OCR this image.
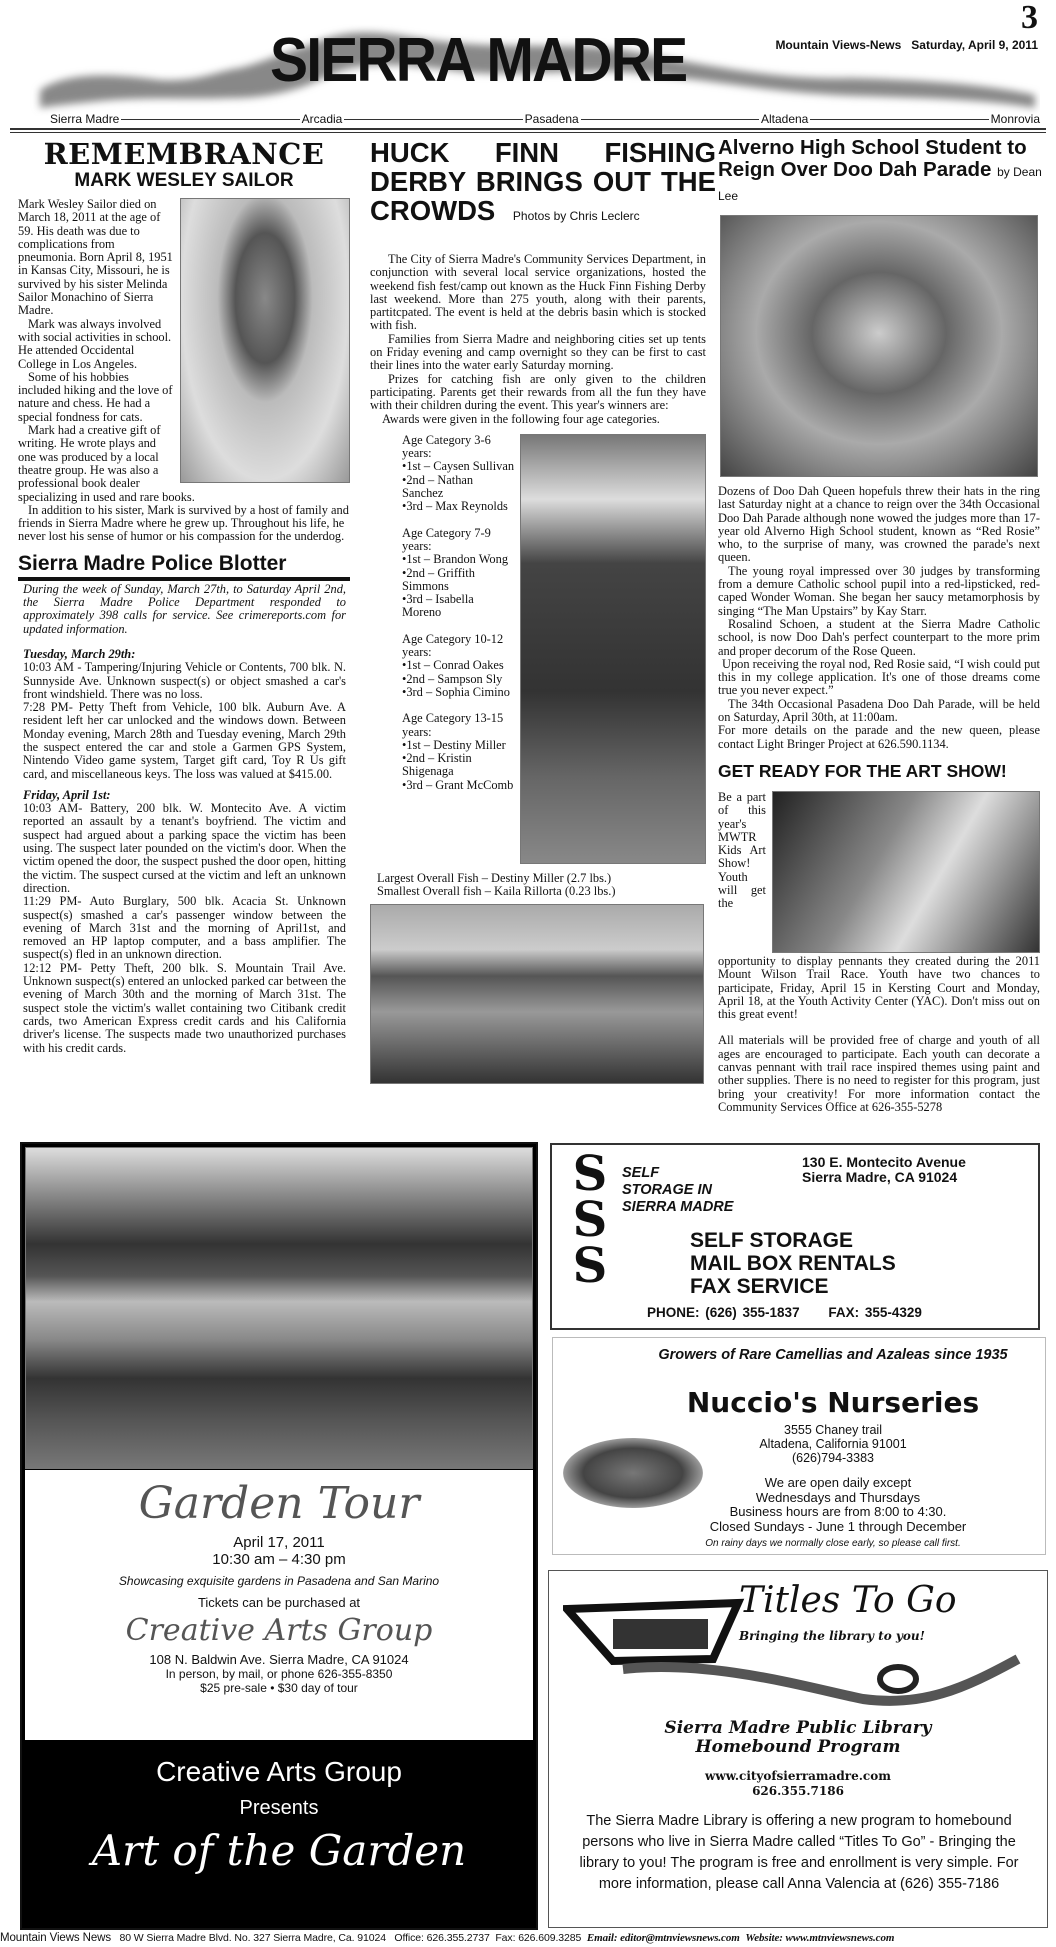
SIERRA MADRE
3
Mountain Views-News Saturday, April 9, 2011
Sierra Madre	Arcadia	Pasadena	Altadena	Monrovia
REMEMBRANCE
MARK WESLEY SAILOR

Mark Wesley Sailor died on March 18, 2011 at the age of 59. His death was due to complications from pneumonia. Born April 8, 1951 in Kansas City, Missouri, he is survived by his sister Melinda Sailor Monachino of Sierra Madre.

Mark was always involved with social activities in school. He attended Occidental College in Los Angeles.

Some of his hobbies included hiking and the love of nature and chess. He had a special fondness for cats.

Mark had a creative gift of writing. He wrote plays and one was produced by a local theatre group. He was also a professional book dealer specializing in used and rare books.

In addition to his sister, Mark is survived by a host of family and friends in Sierra Madre where he grew up. Throughout his life, he never lost his sense of humor or his compassion for the underdog.

Sierra Madre Police Blotter

During the week of Sunday, March 27th, to Saturday April 2nd, the Sierra Madre Police Department responded to approximately 398 calls for service. See crimereports.com for updated information.

Tuesday, March 29th:

10:03 AM - Tampering/Injuring Vehicle or Contents, 700 blk. N. Sunnyside Ave. Unknown suspect(s) or object smashed a car's front windshield. There was no loss.

7:28 PM- Petty Theft from Vehicle, 100 blk. Auburn Ave. A resident left her car unlocked and the windows down. Between Monday evening, March 28th and Tuesday evening, March 29th the suspect entered the car and stole a Garmen GPS System, Nintendo Video game system, Target gift card, Toy R Us gift card, and miscellaneous keys. The loss was valued at $415.00.

Friday, April 1st:

10:03 AM- Battery, 200 blk. W. Montecito Ave. A victim reported an assault by a tenant's boyfriend. The victim and suspect had argued about a parking space the victim has been using. The suspect later pounded on the victim's door. When the victim opened the door, the suspect pushed the door open, hitting the victim. The suspect cursed at the victim and left an unknown direction.

11:29 PM- Auto Burglary, 500 blk. Acacia St. Unknown suspect(s) smashed a car's passenger window between the evening of March 31st and the morning of April1st, and removed an HP laptop computer, and a bass amplifier. The suspect(s) fled in an unknown direction.

12:12 PM- Petty Theft, 200 blk. S. Mountain Trail Ave. Unknown suspect(s) entered an unlocked parked car between the evening of March 30th and the morning of March 31st. The suspect stole the victim's wallet containing two Citibank credit cards, two American Express credit cards and his California driver's license. The suspects made two unauthorized purchases with his credit cards.

HUCK FINN FISHING DERBY BRINGS OUT THE CROWDS Photos by Chris Leclerc

The City of Sierra Madre's Community Services Department, in conjunction with several local service organizations, hosted the weekend fish fest/camp out known as the Huck Finn Fishing Derby last weekend. More than 275 youth, along with their parents, partitcpated. The event is held at the debris basin which is stocked with fish.

Families from Sierra Madre and neighboring cities set up tents on Friday evening and camp overnight so they can be first to cast their lines into the water early Saturday morning.

Prizes for catching fish are only given to the children participating. Parents get their rewards from all the fun they have with their children during the event. This year's winners are:

Awards were given in the following four age categories.

Age Category 3-6 years:
•1st – Caysen Sullivan
•2nd – Nathan Sanchez
•3rd – Max Reynolds
Age Category 7-9 years:
•1st – Brandon Wong
•2nd – Griffith Simmons
•3rd – Isabella Moreno
Age Category 10-12 years:
•1st – Conrad Oakes
•2nd – Sampson Sly
•3rd – Sophia Cimino
Age Category 13-15 years:
•1st – Destiny Miller
•2nd – Kristin Shigenaga
•3rd – Grant McComb
Largest Overall Fish – Destiny Miller (2.7 lbs.)
Smallest Overall fish – Kaila Rillorta (0.23 lbs.)
Alverno High School Student to Reign Over Doo Dah Parade by Dean Lee

Dozens of Doo Dah Queen hopefuls threw their hats in the ring last Saturday night at a chance to reign over the 34th Occasional Doo Dah Parade although none wowed the judges more than 17-year old Alverno High School student, known as “Red Rosie” who, to the surprise of many, was crowned the parade's next queen.

The young royal impressed over 30 judges by transforming from a demure Catholic school pupil into a red-lipsticked, red-caped Wonder Woman. She began her saucy metamorphosis by singing “The Man Upstairs” by Kay Starr.

Rosalind Schoen, a student at the Sierra Madre Catholic school, is now Doo Dah's perfect counterpart to the more prim and proper decorum of the Rose Queen.

Upon receiving the royal nod, Red Rosie said, “I wish could put this in my college application. It's one of those dreams come true you never expect.”

The 34th Occasional Pasadena Doo Dah Parade, will be held on Saturday, April 30th, at 11:00am.

For more details on the parade and the new queen, please contact Light Bringer Project at 626.590.1134.

GET READY FOR THE ART SHOW!

Be a part of this year's MWTR Kids Art Show! Youth will get the opportunity to display pennants they created during the 2011 Mount Wilson Trail Race. Youth have two chances to participate, Friday, April 15 in Kersting Court and Monday, April 18, at the Youth Activity Center (YAC). Don't miss out on this great event!

All materials will be provided free of charge and youth of all ages are encouraged to participate. Each youth can decorate a canvas pennant with trail race inspired themes using paint and other supplies. There is no need to register for this program, just bring your creativity! For more information contact the Community Services Office at 626-355-5278

Garden Tour
April 17, 2011
10:30 am – 4:30 pm
Showcasing exquisite gardens in Pasadena and San Marino
Tickets can be purchased at
Creative Arts Group
108 N. Baldwin Ave. Sierra Madre, CA 91024
In person, by mail, or phone 626-355-8350
$25 pre-sale • $30 day of tour
Creative Arts Group
Presents
Art of the Garden
SSS
SELF
STORAGE IN
SIERRA MADRE
130 E. Montecito Avenue
Sierra Madre, CA 91024
SELF STORAGE
MAIL BOX RENTALS
FAX SERVICE
PHONE: (626) 355-1837 FAX: 355-4329
Growers of Rare Camellias and Azaleas since 1935
Nuccio's Nurseries
3555 Chaney trail
Altadena, California 91001
(626)794-3383
We are open daily except
Wednesdays and Thursdays
Business hours are from 8:00 to 4:30.
Closed Sundays - June 1 through December
On rainy days we normally close early, so please call first.
Titles To Go
Bringing the library to you!
Sierra Madre Public Library
Homebound Program
www.cityofsierramadre.com
626.355.7186
The Sierra Madre Library is offering a new program to homebound persons who live in Sierra Madre called “Titles To Go” - Bringing the library to you! The program is free and enrollment is very simple. For more information, please call Anna Valencia at (626) 355-7186
Mountain Views News 80 W Sierra Madre Blvd. No. 327 Sierra Madre, Ca. 91024 Office: 626.355.2737 Fax: 626.609.3285 Email: editor@mtnviewsnews.com Website: www.mtnviewsnews.com
